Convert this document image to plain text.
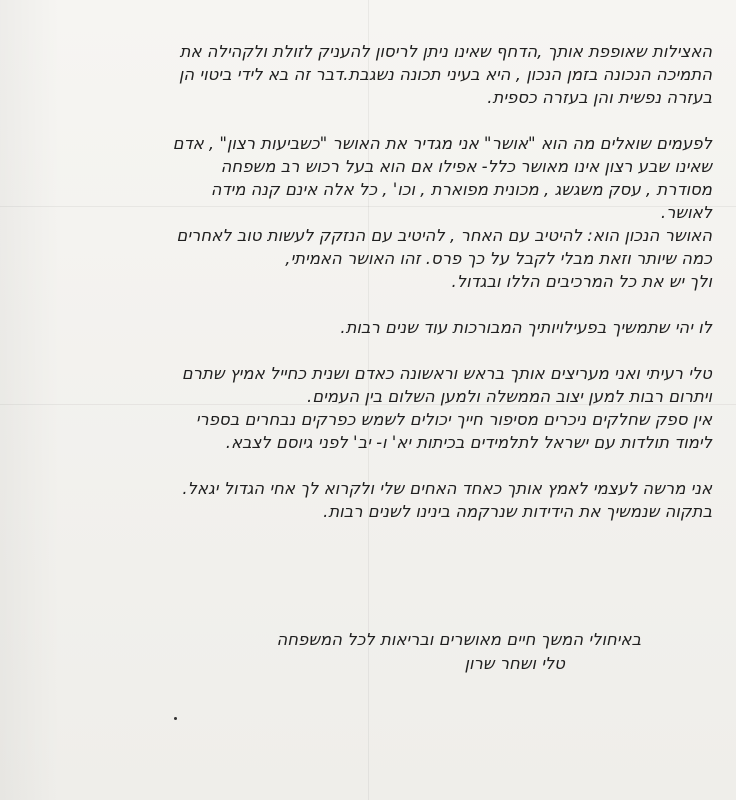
האצילות שאופפת אותך ,הדחף שאינו ניתן לריסון להעניק לזולת ולקהילה את
התמיכה הנכונה בזמן הנכון , היא בעיני תכונה נשגבת.דבר זה בא לידי ביטוי הן
בעזרה נפשית והן בעזרה כספית.

לפעמים שואלים מה הוא "אושר" אני מגדיר את האושר "כשביעות רצון" , אדם
שאינו שבע רצון אינו מאושר כלל- אפילו אם הוא בעל רכוש רב משפחה
מסודרת , עסק משגשג , מכונית מפוארת , וכו' , כל אלה אינם קנה מידה
לאושר.
האושר הנכון הוא: להיטיב עם האחר , להיטיב עם הנזקק לעשות טוב לאחרים
כמה שיותר וזאת מבלי לקבל על כך פרס. זהו האושר האמיתי,
ולך יש את כל המרכיבים הללו ובגדול.

לו יהי שתמשיך בפעילויותיך המבורכות עוד שנים רבות.

טלי רעיתי ואני מעריצים אותך בראש וראשונה כאדם ושנית כחייל אמיץ שתרם
ויתרום רבות למען יצוב הממשלה ולמען השלום בין העמים.
אין ספק שחלקים ניכרים מסיפור חייך יכולים לשמש כפרקים נבחרים בספרי
לימוד תולדות עם ישראל לתלמידים בכיתות יא' ו- יב' לפני גיוסם לצבא.

אני מרשה לעצמי לאמץ אותך כאחד האחים שלי ולקרוא לך אחי הגדול יגאל.
בתקוה שנמשיך את הידידות שנרקמה בינינו לשנים רבות.

באיחולי המשך חיים מאושרים ובריאות לכל המשפחה
טלי ושחר שרון
